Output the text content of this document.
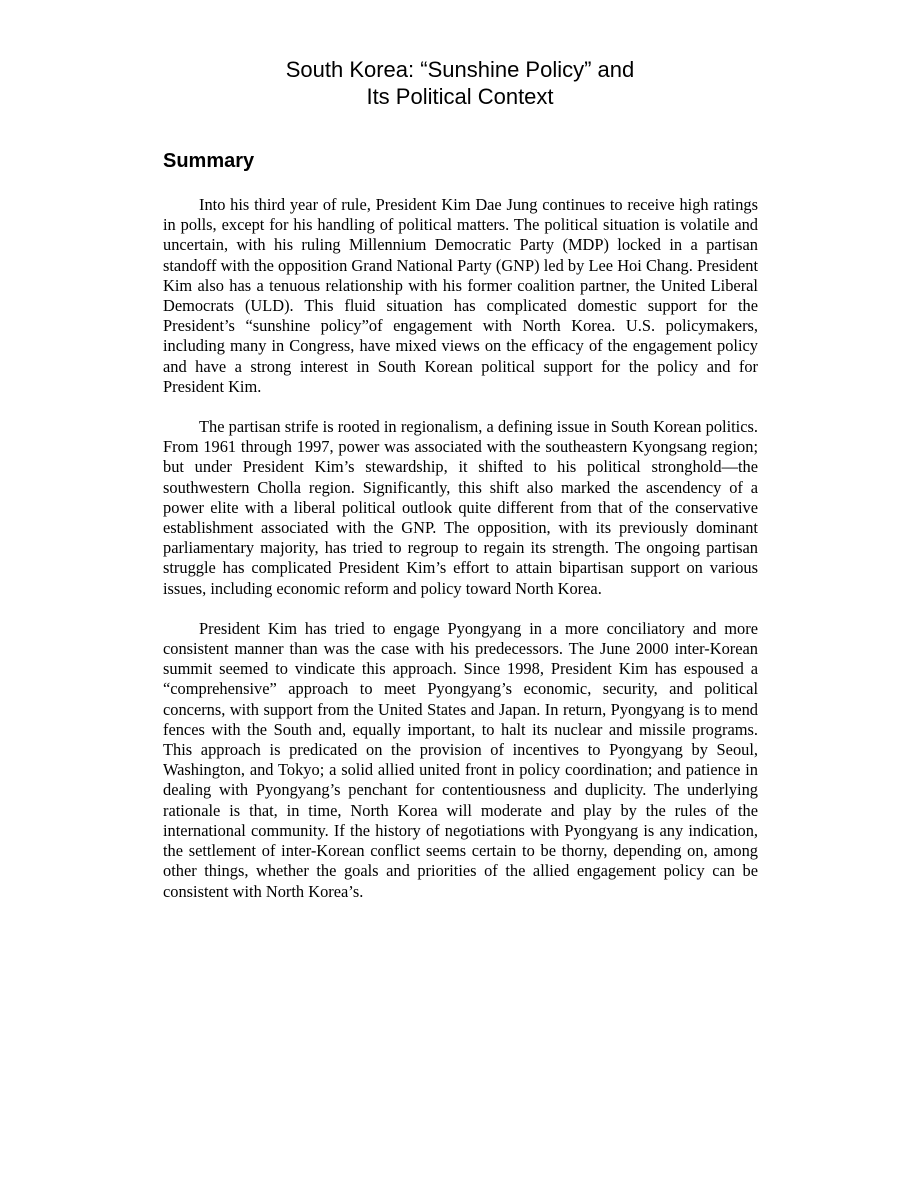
South Korea: “Sunshine Policy” and
Its Political Context
Summary

Into his third year of rule, President Kim Dae Jung continues to receive high ratings in polls, except for his handling of political matters. The political situation is volatile and uncertain, with his ruling Millennium Democratic Party (MDP) locked in a partisan standoff with the opposition Grand National Party (GNP) led by Lee Hoi Chang. President Kim also has a tenuous relationship with his former coalition partner, the United Liberal Democrats (ULD). This fluid situation has complicated domestic support for the President’s “sunshine policy”of engagement with North Korea. U.S. policymakers, including many in Congress, have mixed views on the efficacy of the engagement policy and have a strong interest in South Korean political support for the policy and for President Kim.

The partisan strife is rooted in regionalism, a defining issue in South Korean politics. From 1961 through 1997, power was associated with the southeastern Kyongsang region; but under President Kim’s stewardship, it shifted to his political stronghold—the southwestern Cholla region. Significantly, this shift also marked the ascendency of a power elite with a liberal political outlook quite different from that of the conservative establishment associated with the GNP. The opposition, with its previously dominant parliamentary majority, has tried to regroup to regain its strength. The ongoing partisan struggle has complicated President Kim’s effort to attain bipartisan support on various issues, including economic reform and policy toward North Korea.

President Kim has tried to engage Pyongyang in a more conciliatory and more consistent manner than was the case with his predecessors. The June 2000 inter-Korean summit seemed to vindicate this approach. Since 1998, President Kim has espoused a “comprehensive” approach to meet Pyongyang’s economic, security, and political concerns, with support from the United States and Japan. In return, Pyongyang is to mend fences with the South and, equally important, to halt its nuclear and missile programs. This approach is predicated on the provision of incentives to Pyongyang by Seoul, Washington, and Tokyo; a solid allied united front in policy coordination; and patience in dealing with Pyongyang’s penchant for contentiousness and duplicity. The underlying rationale is that, in time, North Korea will moderate and play by the rules of the international community. If the history of negotiations with Pyongyang is any indication, the settlement of inter-Korean conflict seems certain to be thorny, depending on, among other things, whether the goals and priorities of the allied engagement policy can be consistent with North Korea’s.
